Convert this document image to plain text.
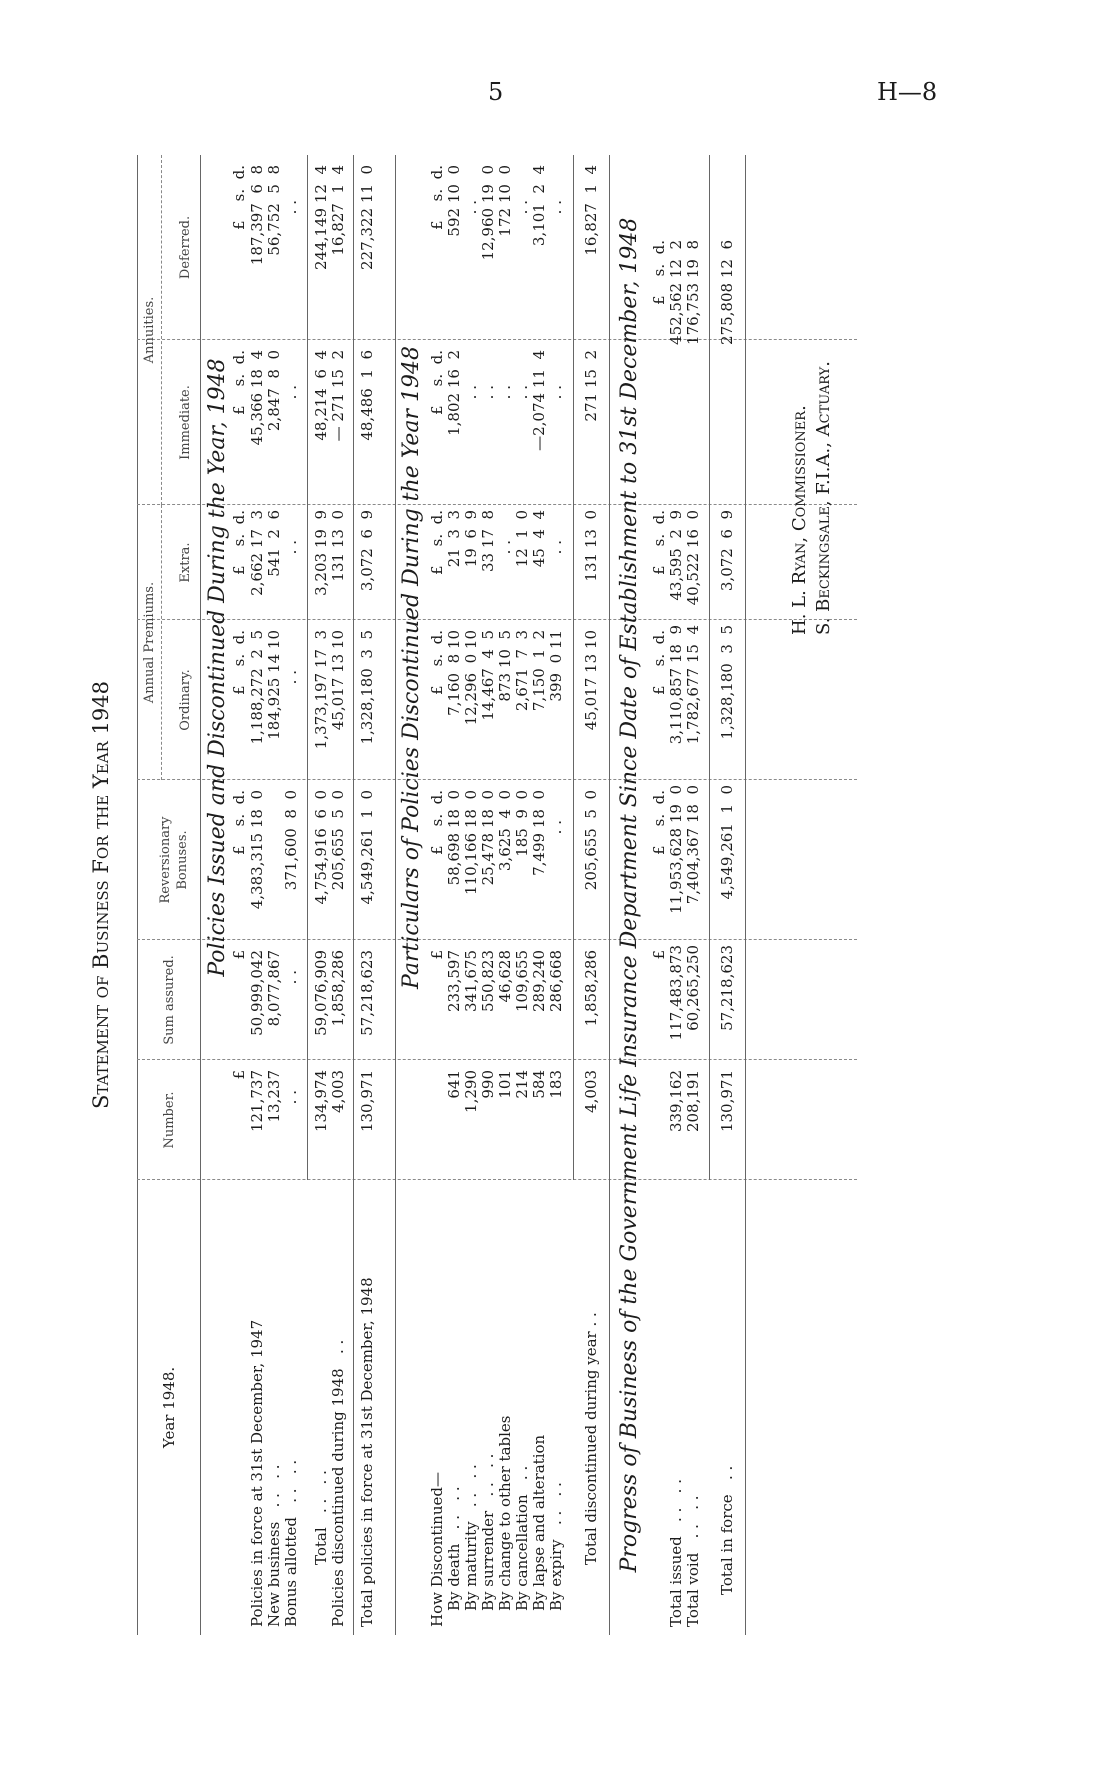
5	H—8
Statement of Business For the Year 1948
Year 1948.
Number.
Sum assured.
Reversionary Bonuses.
Annual Premiums. Ordinary.
Extra.
Annuities.
Immediate.
Deferred.
Policies Issued and Discontinued During the Year, 1948
£
£
£    s.  d.
£    s.  d.
£    s.  d.
£    s.  d.
£    s.  d.
Policies in force at 31st December, 1947
121,737
50,999,042
4,383,315 18  0
1,188,272  2  5
2,662 17  3
45,366 18  4
187,397  6  8
New business   . .   . .
13,237
8,077,867
184,925 14 10
541  2  6
2,847  8  0
56,752  5  8
Bonus allotted   . .   . .
. .
. .
371,600  8  0
. .
. .
. .
. .
Total   . .   . .
134,974
59,076,909
4,754,916  6  0
1,373,197 17  3
3,203 19  9
48,214  6  4
244,149 12  4
Policies discontinued during 1948   . .
4,003
1,858,286
205,655  5  0
45,017 13 10
131 13  0
— 271 15  2
16,827  1  4
Total policies in force at 31st December, 1948
130,971
57,218,623
4,549,261  1  0
1,328,180  3  5
3,072  6  9
48,486  1  6
227,322 11  0
Particulars of Policies Discontinued During the Year 1948 £
£    s.  d.
£    s.  d.
£    s.  d.
£    s.  d.
£    s.  d.
How Discontinued— By death   . .   . .
641
233,597
58,698 18  0
7,160  8 10
21  3  3
1,802 16  2
592 10  0
By maturity   . .   . .
1,290
341,675
110,166 18  0
12,296  0 10
19  6  9
. .
. .
By surrender   . .   . .
990
550,823
25,478 18  0
14,467  4  5
33 17  8
. .
12,960 19  0
By change to other tables
101
46,628
3,625  4  0
873 10  5
. .
. .
172 10  0
By cancellation   . .
214
109,655
185  9  0
2,671  7  3
12  1  0
. .
. .
By lapse and alteration
584
289,240
7,499 18  0
7,150  1  2
45  4  4
—2,074 11  4
3,101  2  4
By expiry   . .   . .
183
286,668
. .
399  0 11
. .
. .
. .
Total discontinued during year . .
4,003
1,858,286
205,655  5  0
45,017 13 10
131 13  0
271 15  2
16,827  1  4
Progress of Business of the Government Life Insurance Department Since Date of Establishment to 31st December, 1948 £
£    s.  d.
£    s.  d.
£    s.  d.
£    s.  d.
Total issued   . .   . .
339,162
117,483,873
11,953,628 19  0
3,110,857 18  9
43,595  2  9
452,562 12  2
Total void   . .   . .
208,191
60,265,250
7,404,367 18  0
1,782,677 15  4
40,522 16  0
176,753 19  8
Total in force   . .
130,971
57,218,623
4,549,261  1  0
1,328,180  3  5
3,072  6  9
275,808 12  6
H. L. Ryan, Commissioner. S. Beckingsale, F.I.A., Actuary.
